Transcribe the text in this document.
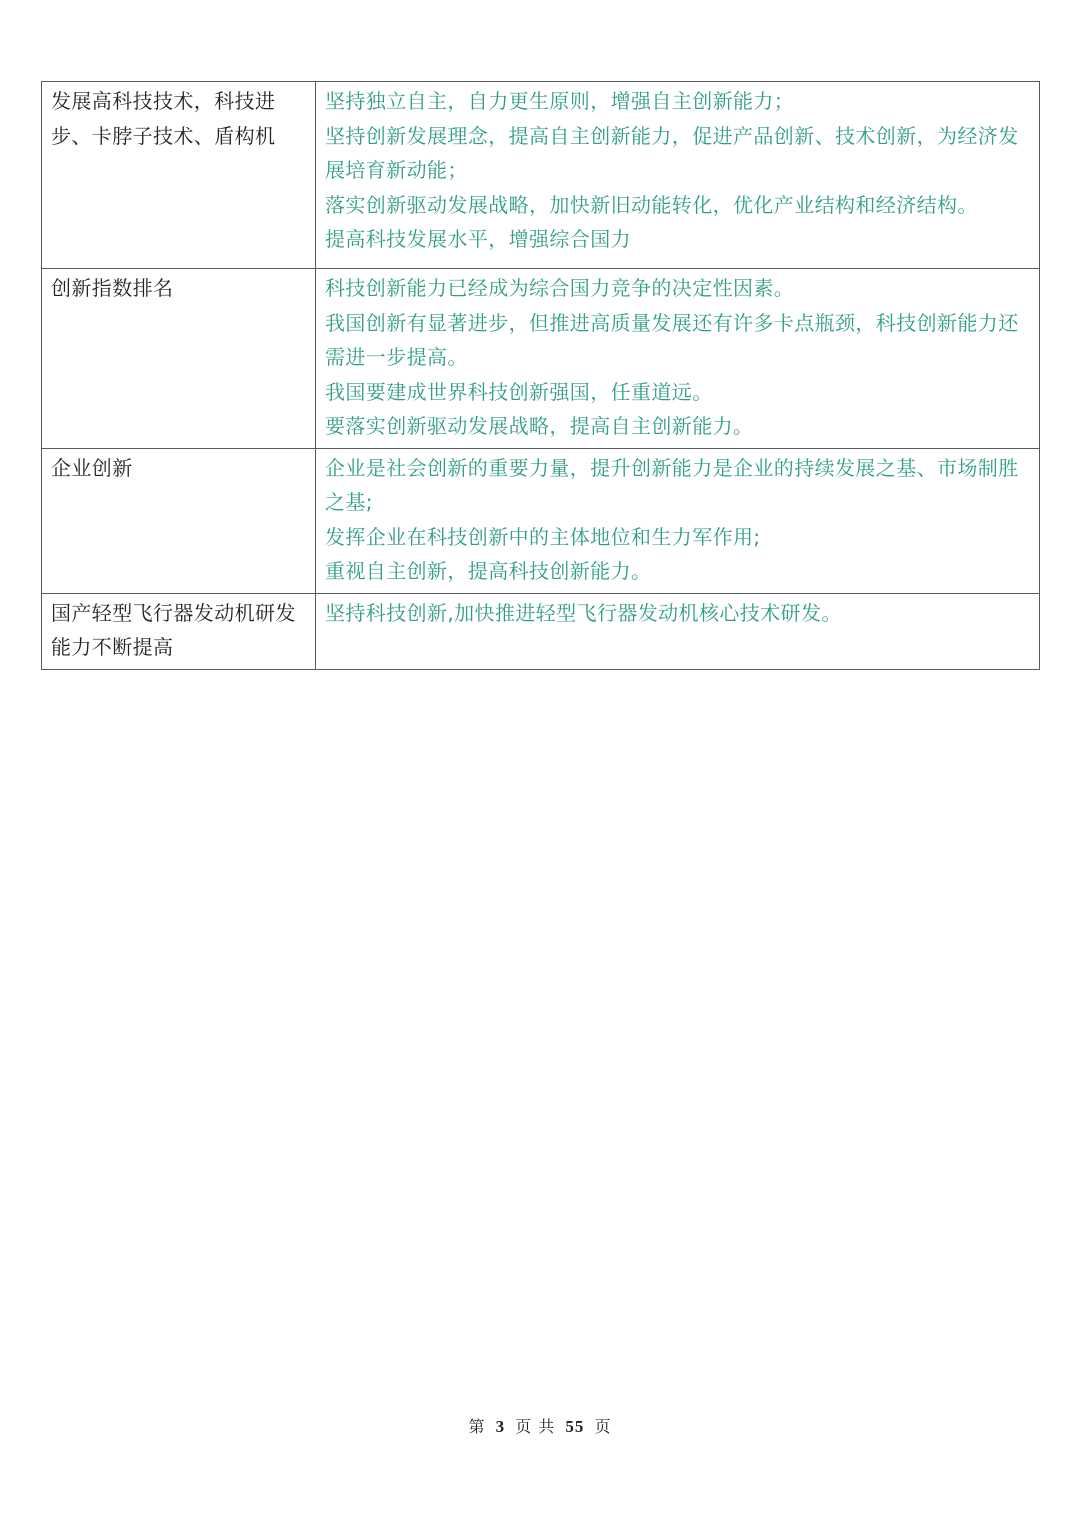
发展高科技技术，科技进步、卡脖子技术、盾构机	坚持独立自主，自力更生原则，增强自主创新能力；
坚持创新发展理念，提高自主创新能力，促进产品创新、技术创新，为经济发展培育新动能；
落实创新驱动发展战略，加快新旧动能转化，优化产业结构和经济结构。
提高科技发展水平，增强综合国力

创新指数排名	科技创新能力已经成为综合国力竞争的决定性因素。
我国创新有显著进步，但推进高质量发展还有许多卡点瓶颈，科技创新能力还需进一步提高。
我国要建成世界科技创新强国，任重道远。
要落实创新驱动发展战略，提高自主创新能力。

企业创新	企业是社会创新的重要力量，提升创新能力是企业的持续发展之基、市场制胜之基;
发挥企业在科技创新中的主体地位和生力军作用;
重视自主创新，提高科技创新能力。

国产轻型飞行器发动机研发能力不断提高	坚持科技创新,加快推进轻型飞行器发动机核心技术研发。
第 3 页 共 55 页
